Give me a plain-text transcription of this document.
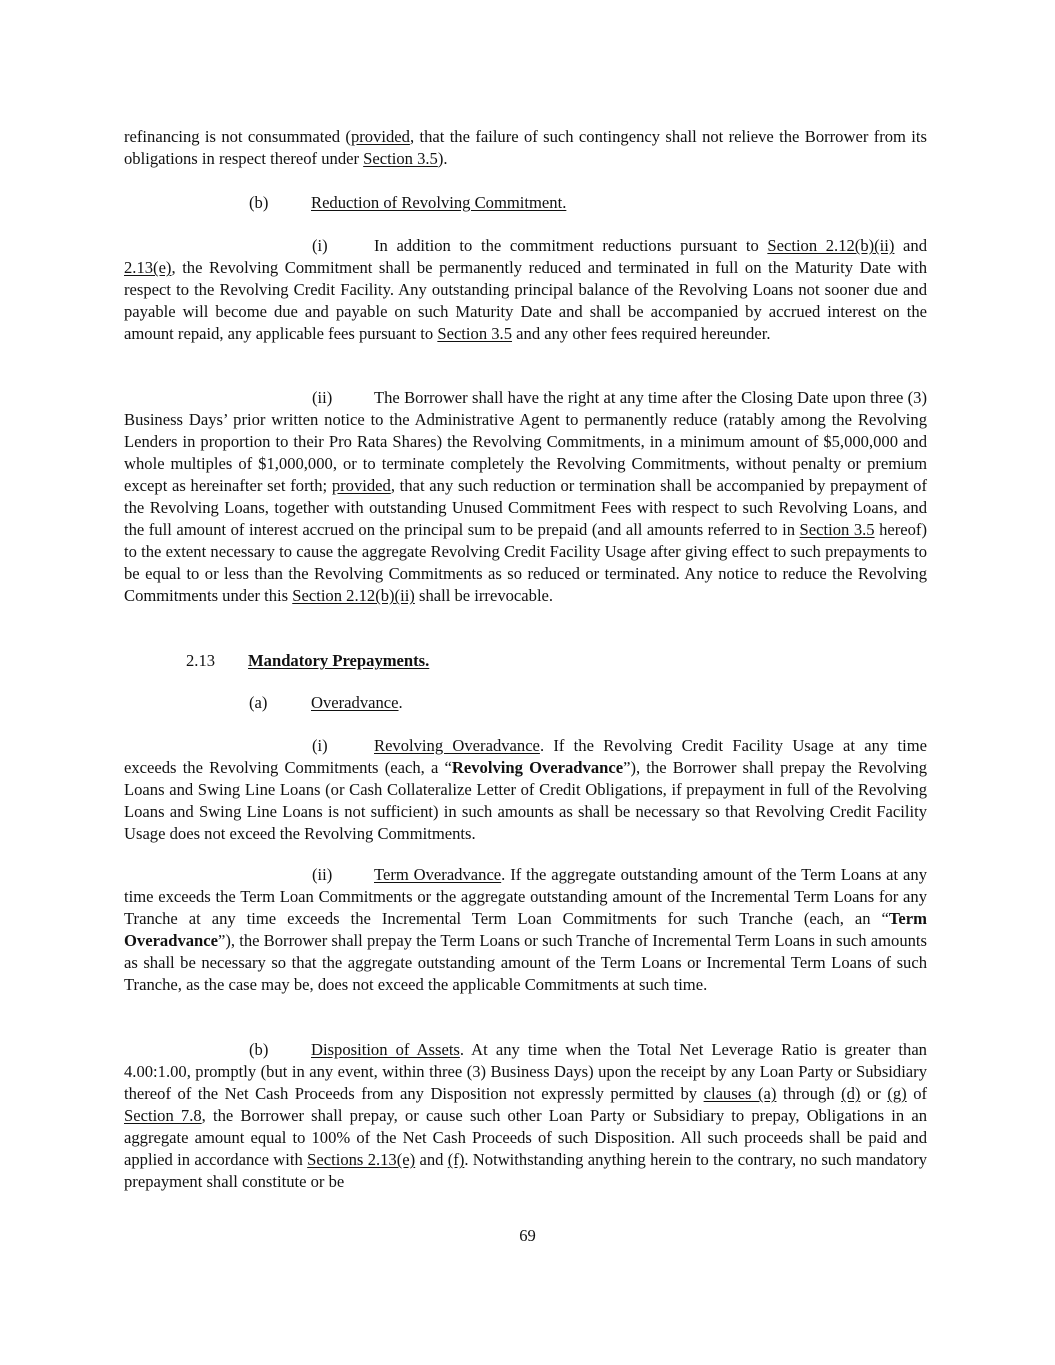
refinancing is not consummated (provided, that the failure of such contingency shall not relieve the Borrower from its obligations in respect thereof under Section 3.5).

(b)	Reduction of Revolving Commitment.

(i)	In addition to the commitment reductions pursuant to Section 2.12(b)(ii) and 2.13(e), the Revolving Commitment shall be permanently reduced and terminated in full on the Maturity Date with respect to the Revolving Credit Facility. Any outstanding principal balance of the Revolving Loans not sooner due and payable will become due and payable on such Maturity Date and shall be accompanied by accrued interest on the amount repaid, any applicable fees pursuant to Section 3.5 and any other fees required hereunder.

(ii)	The Borrower shall have the right at any time after the Closing Date upon three (3) Business Days’ prior written notice to the Administrative Agent to permanently reduce (ratably among the Revolving Lenders in proportion to their Pro Rata Shares) the Revolving Commitments, in a minimum amount of $5,000,000 and whole multiples of $1,000,000, or to terminate completely the Revolving Commitments, without penalty or premium except as hereinafter set forth; provided, that any such reduction or termination shall be accompanied by prepayment of the Revolving Loans, together with outstanding Unused Commitment Fees with respect to such Revolving Loans, and the full amount of interest accrued on the principal sum to be prepaid (and all amounts referred to in Section 3.5 hereof) to the extent necessary to cause the aggregate Revolving Credit Facility Usage after giving effect to such prepayments to be equal to or less than the Revolving Commitments as so reduced or terminated. Any notice to reduce the Revolving Commitments under this Section 2.12(b)(ii) shall be irrevocable.

2.13 Mandatory Prepayments.

(a)	Overadvance.

(i)	Revolving Overadvance. If the Revolving Credit Facility Usage at any time exceeds the Revolving Commitments (each, a “Revolving Overadvance”), the Borrower shall prepay the Revolving Loans and Swing Line Loans (or Cash Collateralize Letter of Credit Obligations, if prepayment in full of the Revolving Loans and Swing Line Loans is not sufficient) in such amounts as shall be necessary so that Revolving Credit Facility Usage does not exceed the Revolving Commitments.

(ii)	Term Overadvance. If the aggregate outstanding amount of the Term Loans at any time exceeds the Term Loan Commitments or the aggregate outstanding amount of the Incremental Term Loans for any Tranche at any time exceeds the Incremental Term Loan Commitments for such Tranche (each, an “Term Overadvance”), the Borrower shall prepay the Term Loans or such Tranche of Incremental Term Loans in such amounts as shall be necessary so that the aggregate outstanding amount of the Term Loans or Incremental Term Loans of such Tranche, as the case may be, does not exceed the applicable Commitments at such time.

(b)	Disposition of Assets. At any time when the Total Net Leverage Ratio is greater than 4.00:1.00, promptly (but in any event, within three (3) Business Days) upon the receipt by any Loan Party or Subsidiary thereof of the Net Cash Proceeds from any Disposition not expressly permitted by clauses (a) through (d) or (g) of Section 7.8, the Borrower shall prepay, or cause such other Loan Party or Subsidiary to prepay, Obligations in an aggregate amount equal to 100% of the Net Cash Proceeds of such Disposition. All such proceeds shall be paid and applied in accordance with Sections 2.13(e) and (f). Notwithstanding anything herein to the contrary, no such mandatory prepayment shall constitute or be

69
